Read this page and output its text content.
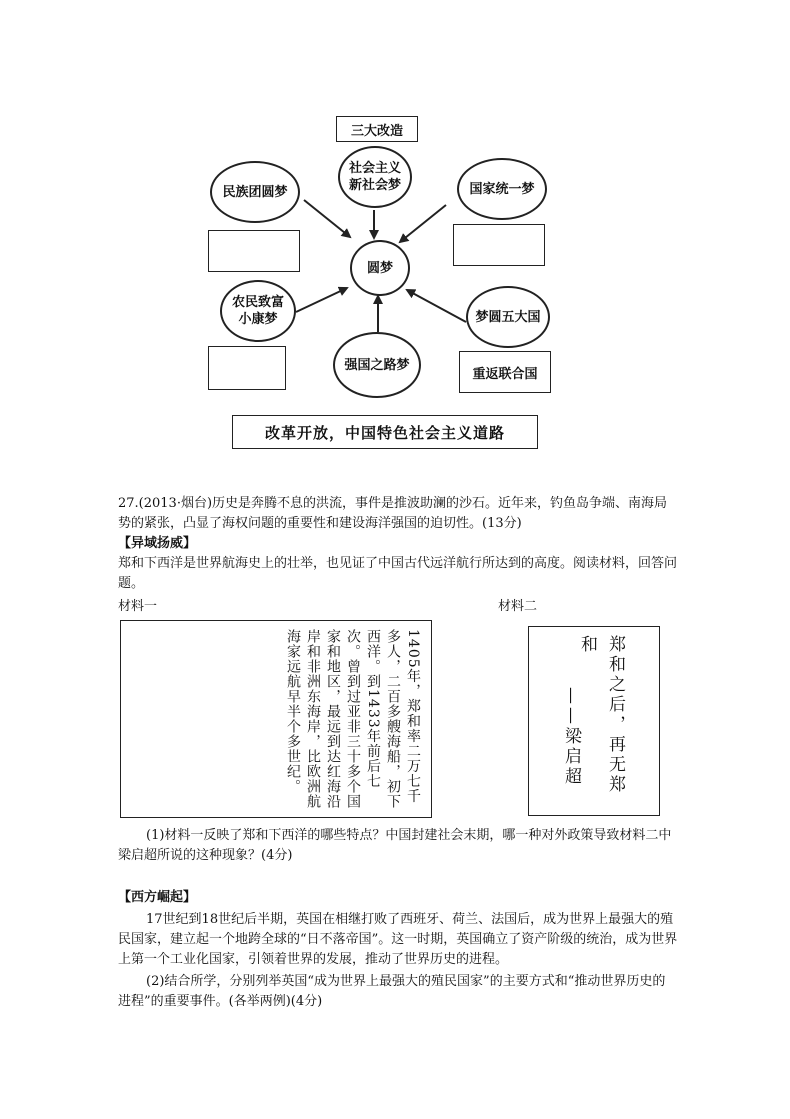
三大改造
社会主义
新社会梦
民族团圆梦	国家统一梦
圆梦
农民致富
小康梦
强国之路梦
梦圆五大国
重返联合国
改革开放，中国特色社会主义道路
27.(2013·烟台)历史是奔腾不息的洪流，事件是推波助澜的沙石。近年来，钓鱼岛争端、南海局势的紧张，凸显了海权问题的重要性和建设海洋强国的迫切性。(13分)
【异域扬威】
郑和下西洋是世界航海史上的壮举，也见证了中国古代远洋航行所达到的高度。阅读材料，回答问题。
材料一	材料二
1405年，郑和率二万七千多人，二百多艘海船，初下西洋。到1433年前后七次。曾到过亚非三十多个国家和地区，最远到达红海沿岸和非洲东海岸，比欧洲航海家远航早半个多世纪。	郑和之后，再无郑和
——梁启超
(1)材料一反映了郑和下西洋的哪些特点？中国封建社会末期，哪一种对外政策导致材料二中梁启超所说的这种现象？(4分)
【西方崛起】
17世纪到18世纪后半期，英国在相继打败了西班牙、荷兰、法国后，成为世界上最强大的殖民国家，建立起一个地跨全球的“日不落帝国”。这一时期，英国确立了资产阶级的统治，成为世界上第一个工业化国家，引领着世界的发展，推动了世界历史的进程。
(2)结合所学，分别列举英国“成为世界上最强大的殖民国家”的主要方式和“推动世界历史的进程”的重要事件。(各举两例)(4分)
